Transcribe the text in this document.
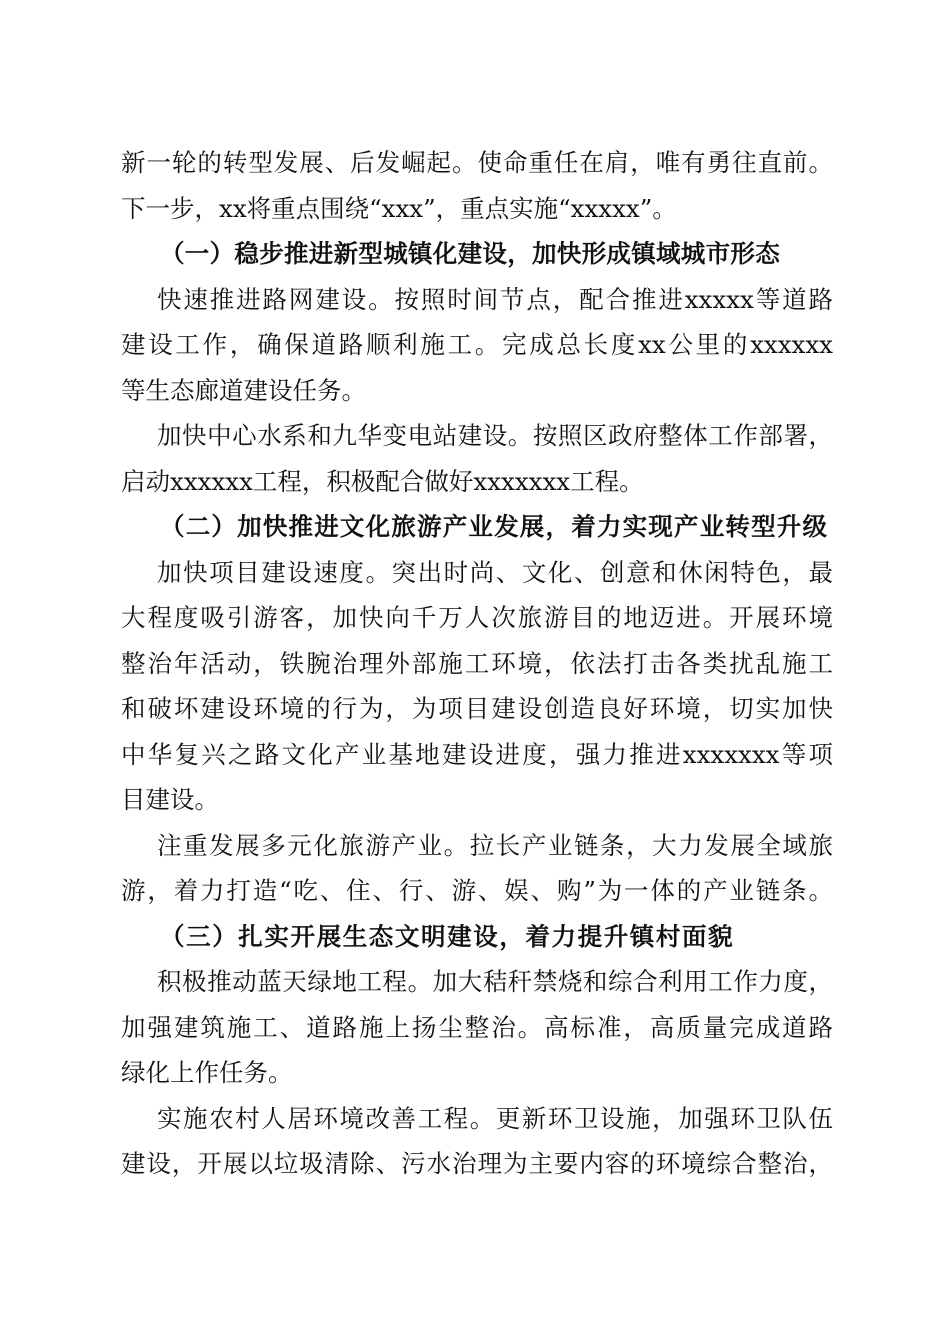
新一轮的转型发展、后发崛起。使命重任在肩，唯有勇往直前。
下一步，xx将重点围绕“xxx”，重点实施“xxxxx”。
（一）稳步推进新型城镇化建设，加快形成镇域城市形态
快速推进路网建设。按照时间节点，配合推进xxxxx等道路
建设工作，确保道路顺利施工。完成总长度xx公里的xxxxxx
等生态廊道建设任务。
加快中心水系和九华变电站建设。按照区政府整体工作部署，
启动xxxxxx工程，积极配合做好xxxxxxx工程。
（二）加快推进文化旅游产业发展，着力实现产业转型升级
加快项目建设速度。突出时尚、文化、创意和休闲特色，最
大程度吸引游客，加快向千万人次旅游目的地迈进。开展环境
整治年活动，铁腕治理外部施工环境，依法打击各类扰乱施工
和破坏建设环境的行为，为项目建设创造良好环境，切实加快
中华复兴之路文化产业基地建设进度，强力推进xxxxxxx等项
目建设。
注重发展多元化旅游产业。拉长产业链条，大力发展全域旅
游，着力打造“吃、住、行、游、娱、购”为一体的产业链条。
（三）扎实开展生态文明建设，着力提升镇村面貌
积极推动蓝天绿地工程。加大秸秆禁烧和综合利用工作力度，
加强建筑施工、道路施上扬尘整治。高标准，高质量完成道路
绿化上作任务。
实施农村人居环境改善工程。更新环卫设施，加强环卫队伍
建设，开展以垃圾清除、污水治理为主要内容的环境综合整治，
